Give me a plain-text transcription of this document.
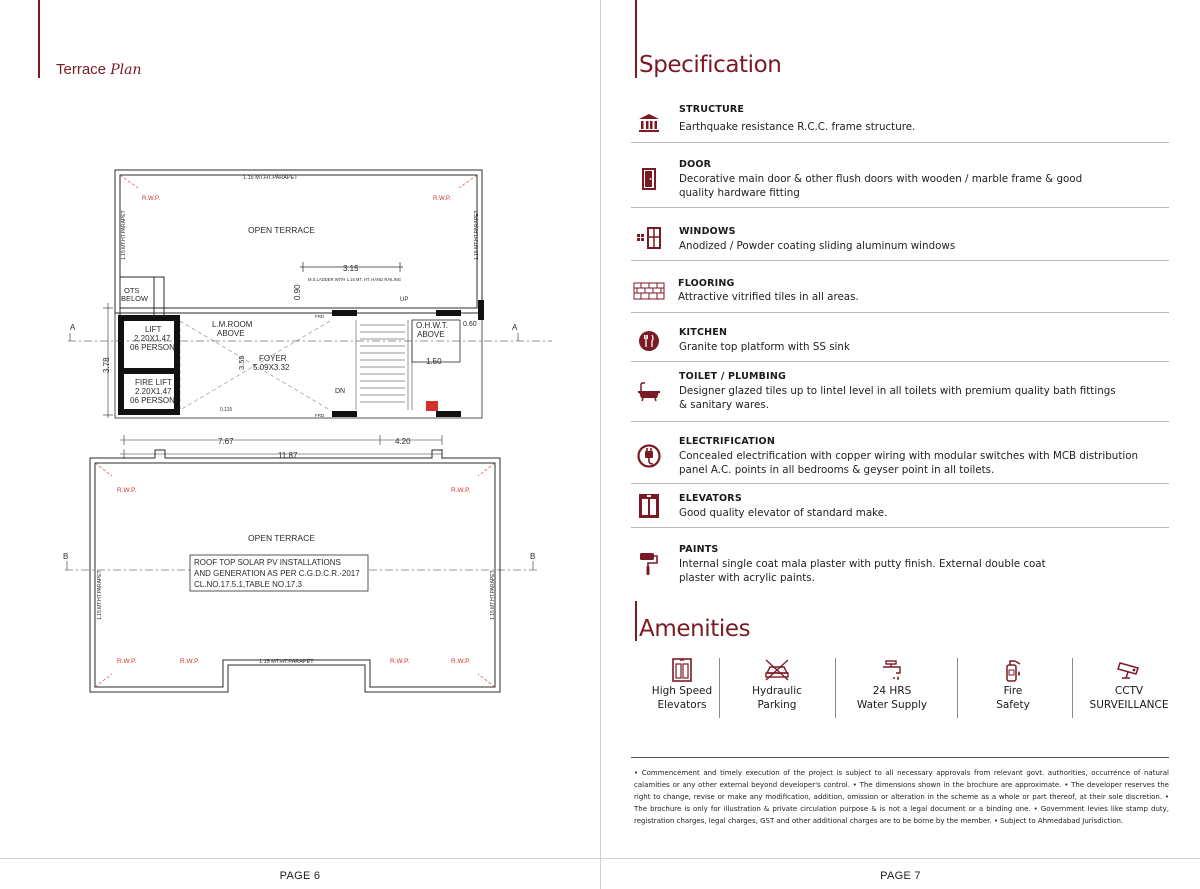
Terrace Plan
1.15 MT.HT.PARAPET
R.W.P.	R.W.P.
OPEN TERRACE
1.15 MT.HT.PARAPET	1.15 MT.HT.PARAPET
OTS
BELOW
3.15
M.S.LADDER WITH 1.15 MT. HT. HAND RAILING
0.90
LIFT
2.20X1.47
06 PERSON
FIRE LIFT
2.20X1.47
06 PERSON
L.M.ROOM
ABOVE
FOYER
5.09X3.32
3.55
O.H.W.T.
ABOVE
1.50
0.60
UP
DN
FRD
FRD
0.115
A	A
3.78
7.67	4.20
11.87
R.W.P.	R.W.P.
R.W.P.	R.W.P.	R.W.P.	R.W.P.
1.15 MT.HT.PARAPET
OPEN TERRACE
1.15 MT.HT.PARAPET	1.15 MT.HT.PARAPET
B	B
ROOF TOP SOLAR PV INSTALLATIONS
AND GENERATION AS PER C.G.D.C.R.-2017
CL.NO.17.5.1,TABLE NO.17.3
PAGE 6
Specification
STRUCTURE
Earthquake resistance R.C.C. frame structure.
DOOR
Decorative main door & other flush doors with wooden / marble frame & good quality hardware fitting
WINDOWS
Anodized / Powder coating sliding aluminum windows
FLOORING
Attractive vitrified tiles in all areas.
KITCHEN
Granite top platform with SS sink
TOILET / PLUMBING
Designer glazed tiles up to lintel level in all toilets with premium quality bath fittings & sanitary wares.
ELECTRIFICATION
Concealed electrification with copper wiring with modular switches with MCB distribution panel A.C. points in all bedrooms & geyser point in all toilets.
ELEVATORS
Good quality elevator of standard make.
PAINTS
Internal single coat mala plaster with putty finish. External double coat plaster with acrylic paints.
Amenities
High Speed
Elevators
Hydraulic
Parking
24 HRS
Water Supply
Fire
Safety
CCTV
SURVEILLANCE
• Commencement and timely execution of the project is subject to all necessary approvals from relevant govt. authorities, occurrence of natural calamities or any other external beyond developer's control. • The dimensions shown in the brochure are approximate. • The developer reserves the right to change, revise or make any modification, addition, omission or alteration in the scheme as a whole or part thereof, at their sole discretion. • The brochure is only for illustration & private circulation purpose & is not a legal document or a binding one. • Government levies like stamp duty, registration charges, legal charges, GST and other additional charges are to be borne by the member. • Subject to Ahmedabad Jurisdiction.
PAGE 7
